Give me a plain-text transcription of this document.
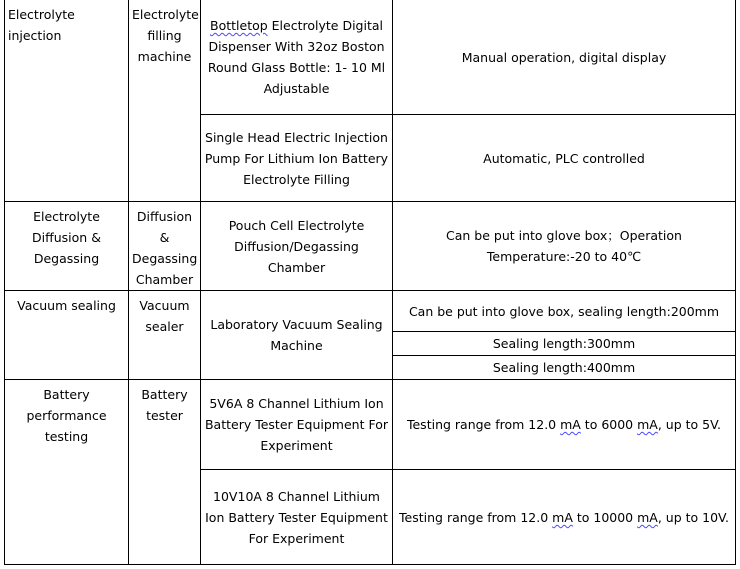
Electrolyte injection
Electrolyte filling machine
Bottletop Electrolyte Digital Dispenser With 32oz Boston Round Glass Bottle: 1- 10 Ml Adjustable
Manual operation, digital display
Single Head Electric Injection Pump For Lithium Ion Battery Electrolyte Filling
Automatic, PLC controlled
Electrolyte Diffusion & Degassing
Diffusion & Degassing Chamber
Pouch Cell Electrolyte Diffusion/Degassing Chamber
Can be put into glove box；Operation Temperature:-20 to 40℃
Vacuum sealing	Vacuum sealer	Laboratory Vacuum Sealing Machine
Can be put into glove box, sealing length:200mm
Sealing length:300mm
Sealing length:400mm
Battery performance testing
Battery tester
5V6A 8 Channel Lithium Ion Battery Tester Equipment For Experiment
Testing range from 12.0 mA to 6000 mA, up to 5V.
10V10A 8 Channel Lithium Ion Battery Tester Equipment For Experiment
Testing range from 12.0 mA to 10000 mA, up to 10V.
